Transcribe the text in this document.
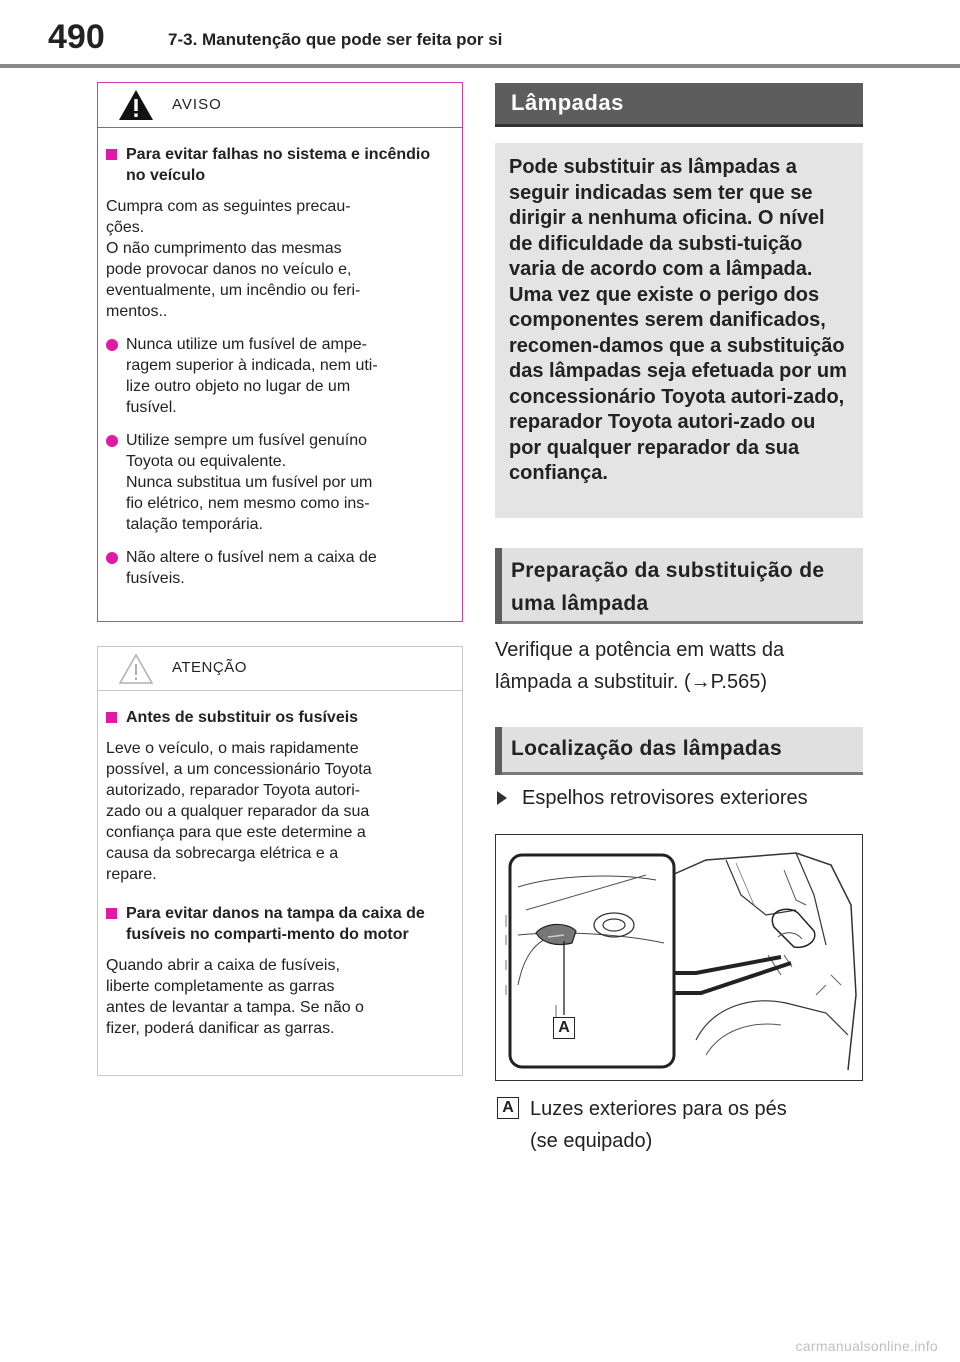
490	7-3. Manutenção que pode ser feita por si
AVISO
Para evitar falhas no sistema e incêndio no veículo
Cumpra com as seguintes precau-
ções.
O não cumprimento das mesmas
pode provocar danos no veículo e,
eventualmente, um incêndio ou feri-
mentos..
Nunca utilize um fusível de ampe-
ragem superior à indicada, nem uti-
lize outro objeto no lugar de um
fusível.
Utilize sempre um fusível genuíno
Toyota ou equivalente.
Nunca substitua um fusível por um
fio elétrico, nem mesmo como ins-
talação temporária.
Não altere o fusível nem a caixa de
fusíveis.
ATENÇÃO
Antes de substituir os fusíveis
Leve o veículo, o mais rapidamente
possível, a um concessionário Toyota
autorizado, reparador Toyota autori-
zado ou a qualquer reparador da sua
confiança para que este determine a
causa da sobrecarga elétrica e a
repare.
Para evitar danos na tampa da caixa de fusíveis no comparti-mento do motor
Quando abrir a caixa de fusíveis,
liberte completamente as garras
antes de levantar a tampa. Se não o
fizer, poderá danificar as garras.
Lâmpadas
Pode substituir as lâmpadas a seguir indicadas sem ter que se dirigir a nenhuma oficina. O nível de dificuldade da substi-tuição varia de acordo com a lâmpada. Uma vez que existe o perigo dos componentes serem danificados, recomen-damos que a substituição das lâmpadas seja efetuada por um concessionário Toyota autori-zado, reparador Toyota autori-zado ou por qualquer reparador da sua confiança.
Preparação da substituição de uma lâmpada
Verifique a potência em watts da
lâmpada a substituir. (→P.565)
Localização das lâmpadas
Espelhos retrovisores exteriores
A
A Luzes exteriores para os pés
(se equipado)
carmanualsonline.info
